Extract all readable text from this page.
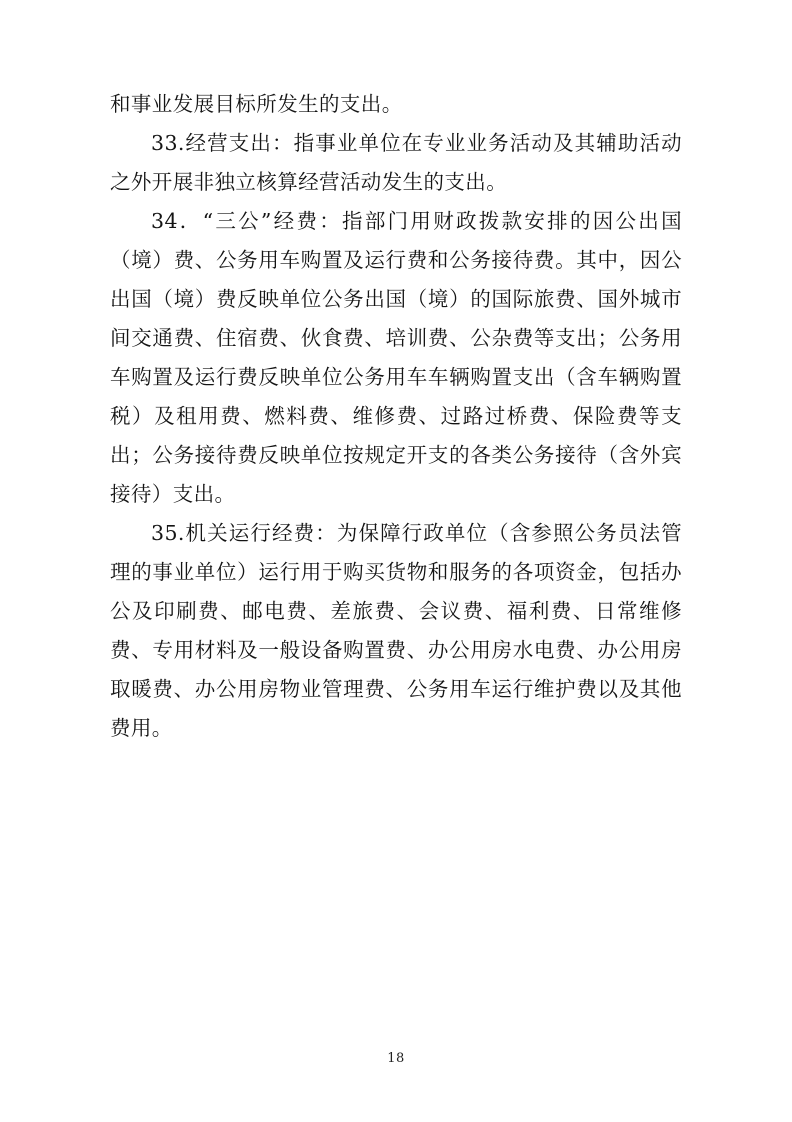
和事业发展目标所发生的支出。

33.经营支出：指事业单位在专业业务活动及其辅助活动之外开展非独立核算经营活动发生的支出。

34．“三公”经费：指部门用财政拨款安排的因公出国（境）费、公务用车购置及运行费和公务接待费。其中，因公出国（境）费反映单位公务出国（境）的国际旅费、国外城市间交通费、住宿费、伙食费、培训费、公杂费等支出；公务用车购置及运行费反映单位公务用车车辆购置支出（含车辆购置税）及租用费、燃料费、维修费、过路过桥费、保险费等支出；公务接待费反映单位按规定开支的各类公务接待（含外宾接待）支出。

35.机关运行经费：为保障行政单位（含参照公务员法管理的事业单位）运行用于购买货物和服务的各项资金，包括办公及印刷费、邮电费、差旅费、会议费、福利费、日常维修费、专用材料及一般设备购置费、办公用房水电费、办公用房取暖费、办公用房物业管理费、公务用车运行维护费以及其他费用。

18
